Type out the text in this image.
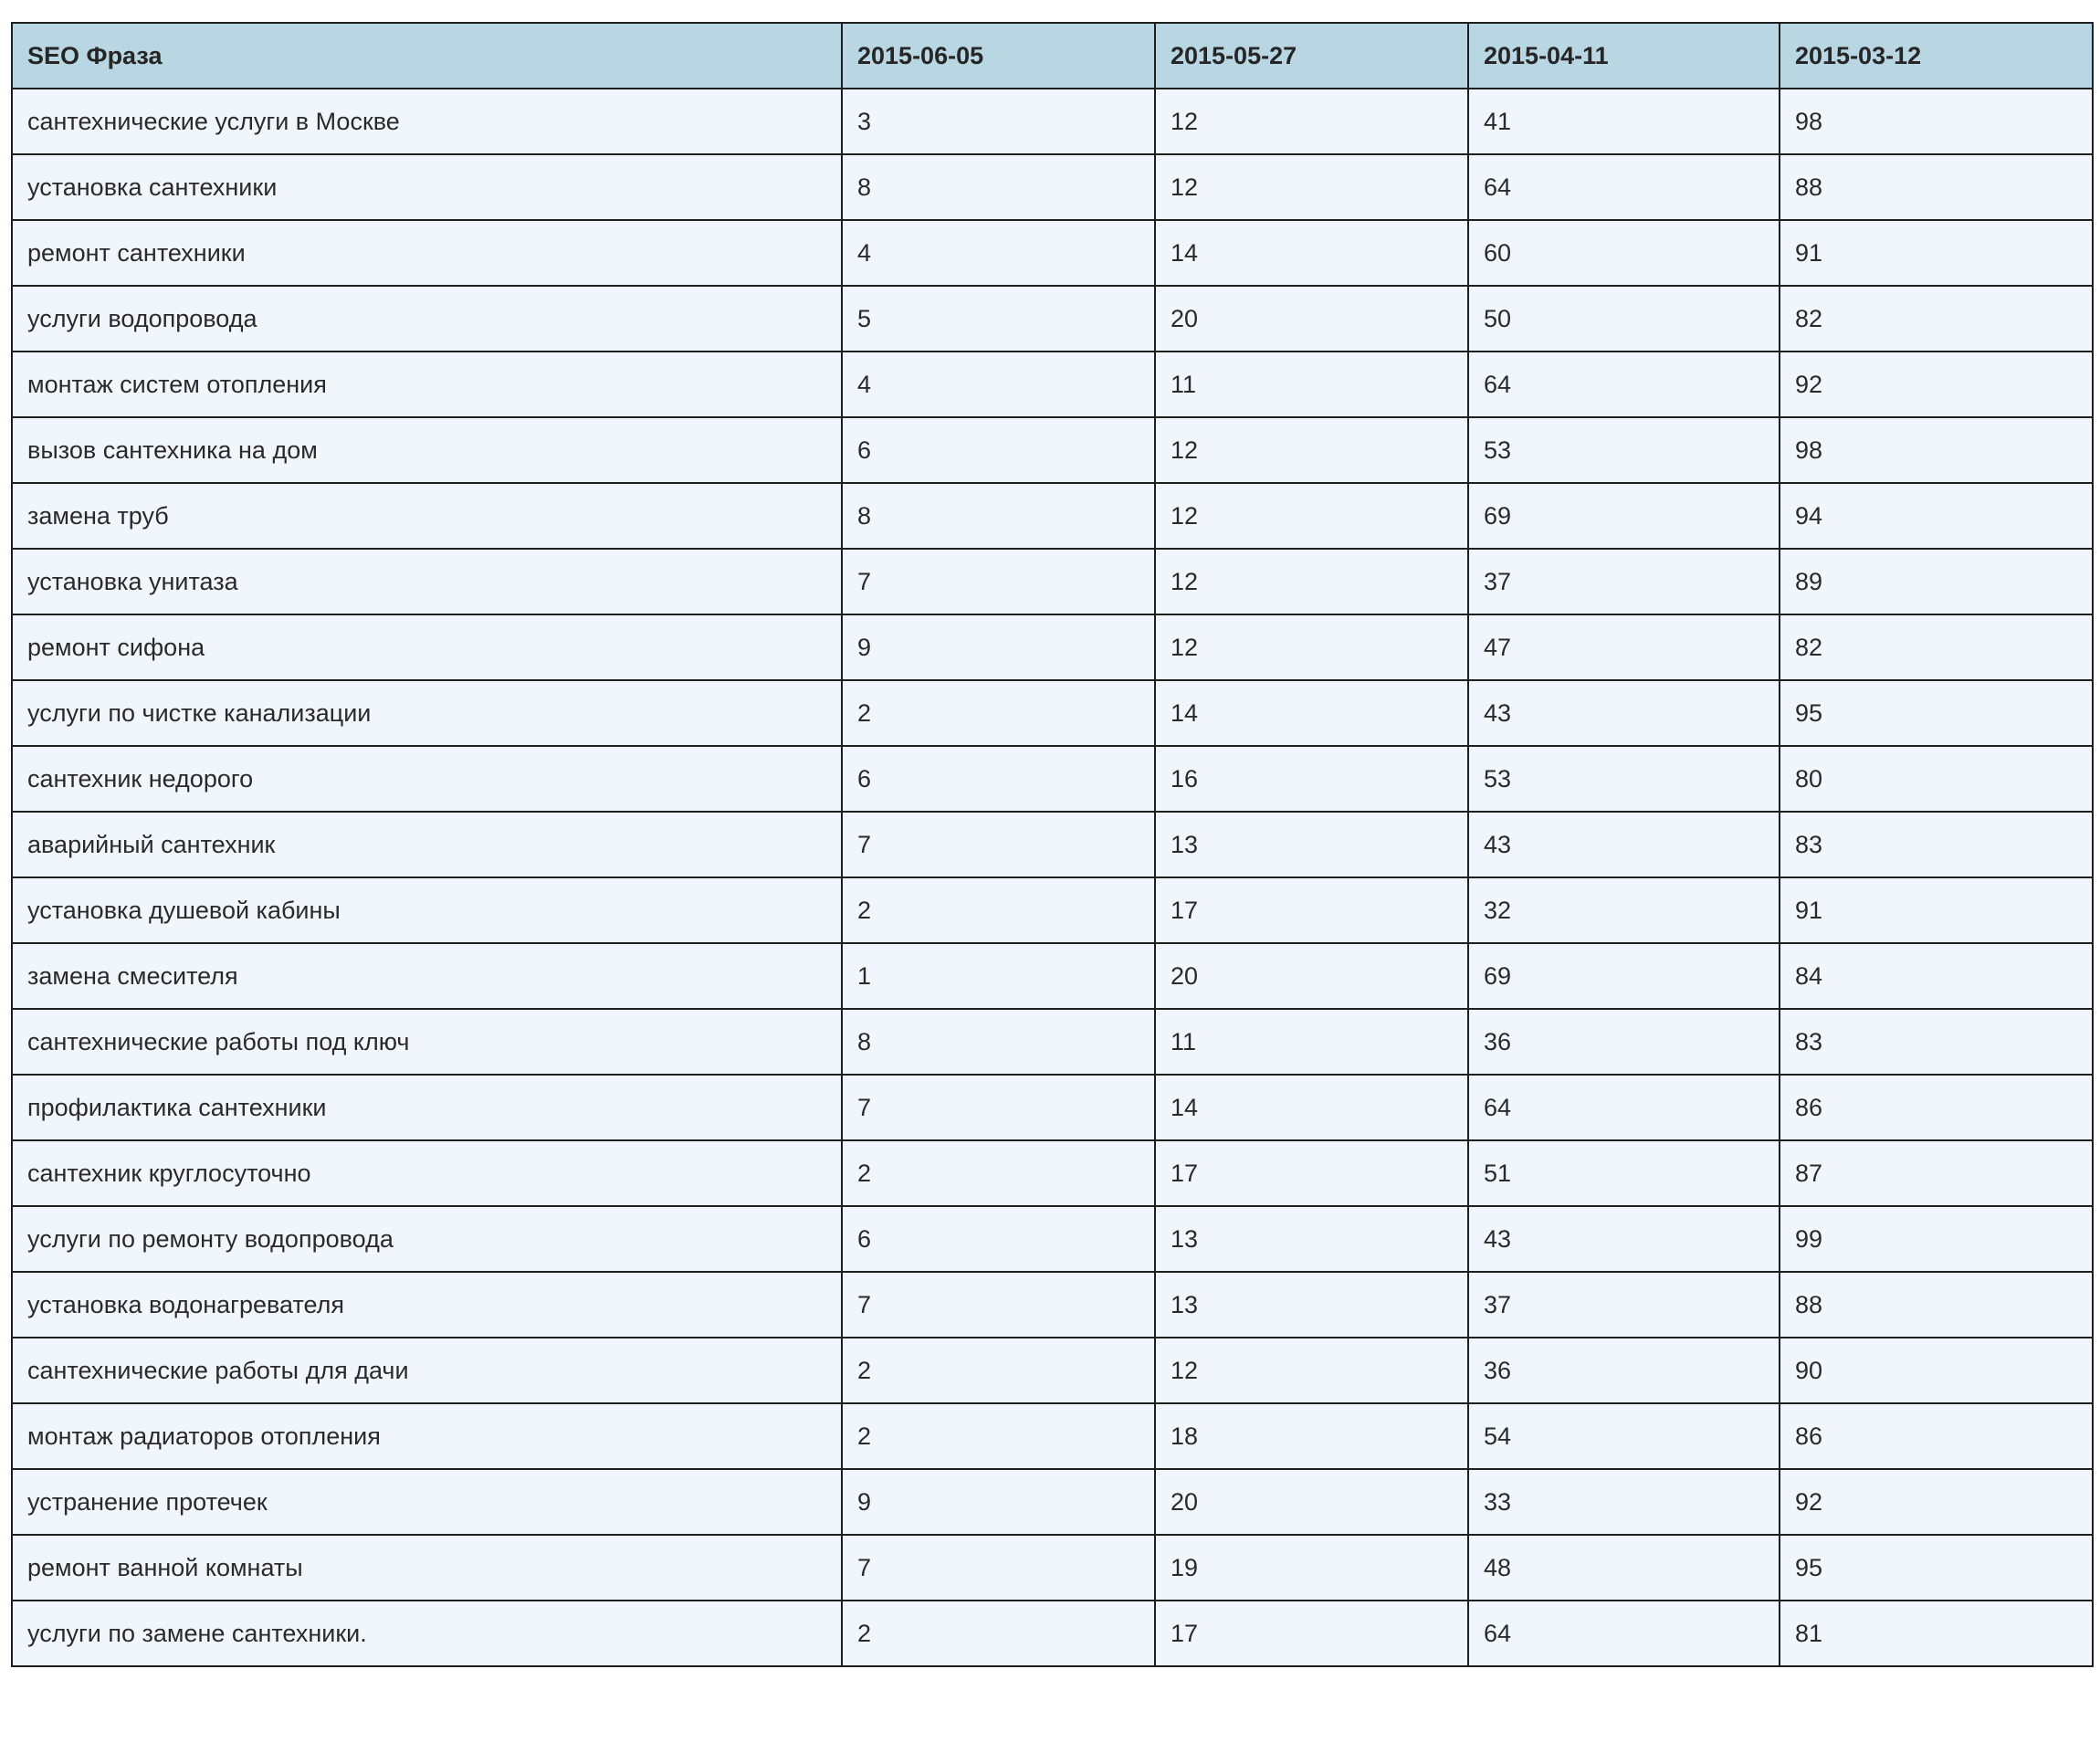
SEO Фраза	2015-06-05	2015-05-27	2015-04-11	2015-03-12
сантехнические услуги в Москве	3	12	41	98
установка сантехники	8	12	64	88
ремонт сантехники	4	14	60	91
услуги водопровода	5	20	50	82
монтаж систем отопления	4	11	64	92
вызов сантехника на дом	6	12	53	98
замена труб	8	12	69	94
установка унитаза	7	12	37	89
ремонт сифона	9	12	47	82
услуги по чистке канализации	2	14	43	95
сантехник недорого	6	16	53	80
аварийный сантехник	7	13	43	83
установка душевой кабины	2	17	32	91
замена смесителя	1	20	69	84
сантехнические работы под ключ	8	11	36	83
профилактика сантехники	7	14	64	86
сантехник круглосуточно	2	17	51	87
услуги по ремонту водопровода	6	13	43	99
установка водонагревателя	7	13	37	88
сантехнические работы для дачи	2	12	36	90
монтаж радиаторов отопления	2	18	54	86
устранение протечек	9	20	33	92
ремонт ванной комнаты	7	19	48	95
услуги по замене сантехники.	2	17	64	81
